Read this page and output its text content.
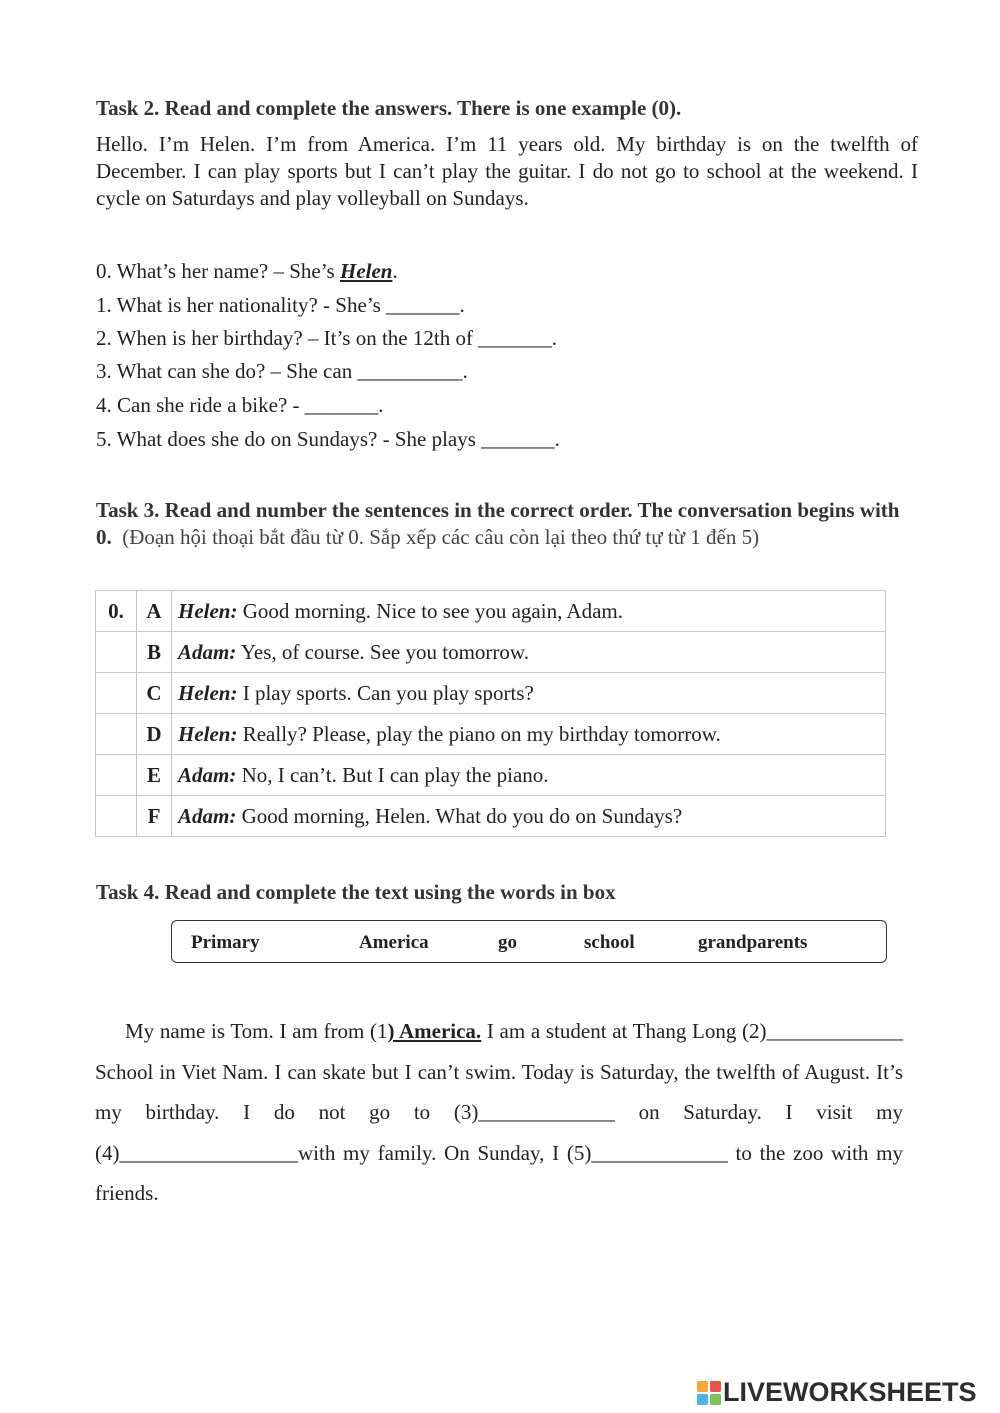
Task 2. Read and complete the answers. There is one example (0).
Hello. I’m Helen. I’m from America. I’m 11 years old. My birthday is on the twelfth of December. I can play sports but I can’t play the guitar. I do not go to school at the weekend. I cycle on Saturdays and play volleyball on Sundays.
0. What’s her name? – She’s Helen.
1. What is her nationality? - She’s _______.
2. When is her birthday? – It’s on the 12th of _______.
3. What can she do? – She can __________.
4. Can she ride a bike? - _______.
5. What does she do on Sundays? - She plays _______.
Task 3. Read and number the sentences in the correct order. The conversation begins with 0. (Đoạn hội thoại bắt đầu từ 0. Sắp xếp các câu còn lại theo thứ tự từ 1 đến 5)
0.	A	Helen: Good morning. Nice to see you again, Adam.
	B	Adam: Yes, of course. See you tomorrow.
	C	Helen: I play sports. Can you play sports?
	D	Helen: Really? Please, play the piano on my birthday tomorrow.
	E	Adam: No, I can’t. But I can play the piano.
	F	Adam: Good morning, Helen. What do you do on Sundays?
Task 4. Read and complete the text using the words in box
Primary	America	go	school	grandparents

My name is Tom. I am from (1) America. I am a student at Thang Long (2)_____________ School in Viet Nam. I can skate but I can’t swim. Today is Saturday, the twelfth of August. It’s my birthday. I do not go to (3)_____________ on Saturday. I visit my (4)_________________with my family. On Sunday, I (5)_____________ to the zoo with my friends.

LIVEWORKSHEETS
